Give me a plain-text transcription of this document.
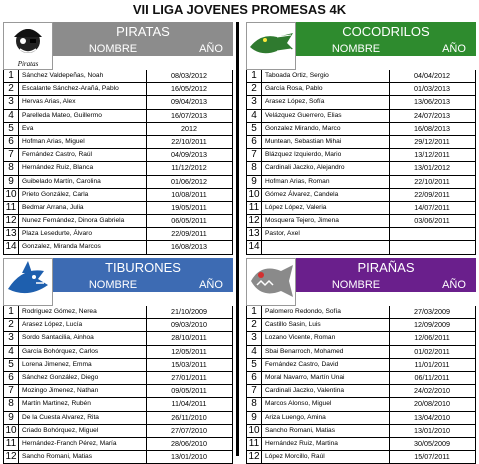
VII LIGA JOVENES PROMESAS 4K
PIRATAS
NOMBRE	AÑO
Piratas
1	Sánchez Valdepeñas, Noah	08/03/2012
2	Escalante Sánchez-Arañá, Pablo	16/05/2012
3	Hervas Arias, Alex	09/04/2013
4	Parelleda Mateo, Guillermo	16/07/2013
5	Eva	2012
6	Hofman Arias, Miguel	22/10/2011
7	Fernández Castro, Raúl	04/09/2013
8	Hernández Ruiz, Blanca	11/12/2012
9	Guibelado Martín, Carolina	01/06/2012
10 Prieto González, Carla	10/08/2011
11 Bedmar Arrana, Julia	19/05/2011
12 Nunez Fernández, Dinora Gabriela	06/05/2011
13 Plaza Lesedurte, Álvaro	22/09/2011
14 Gonzalez, Miranda Marcos	16/08/2013
COCODRILOS
NOMBRE	AÑO
1	Taboada Ortiz, Sergio	04/04/2012
2	García Rosa, Pablo	01/03/2013
3	Arasez López, Sofía	13/06/2013
4	Velázquez Guerrero, Elias	24/07/2013
5	Gonzalez Mirando, Marco	16/08/2013
6	Muntean, Sebastian Mihai	29/12/2011
7	Blázquez Izquierdo, Mario	13/12/2011
8	Cardinali Jaczko, Alejandro	13/01/2012
9	Hofman Arias, Roman	22/10/2011
10 Gómez Álvarez, Candela	22/09/2011
11 López López, Valeria	14/07/2011
12 Mosquera Tejero, Jimena	03/06/2011
13 Pastor, Axel
14
TIBURONES
NOMBRE	AÑO
1	Rodriguez Gómez, Nerea	21/10/2009
2	Arasez López, Lucía	09/03/2010
3	Sordo Santacilia, Ainhoa	28/10/2011
4	García Bohórquez, Carlos	12/05/2011
5	Lorena Jimenez, Emma	15/03/2011
6	Sánchez González, Diego	27/01/2011
7	Mozingo Jimenez, Nathan	09/05/2011
8	Martín Martinez, Rubén	11/04/2011
9	De la Cuesta Alvarez, Rita	26/11/2010
10 Criado Bohórquez, Miguel	27/07/2010
11 Hernández-Franch Pérez, María	28/06/2010
12 Sancho Romani, Matias	13/01/2010
PIRAÑAS
NOMBRE	AÑO
1	Palomero Redondo, Sofía	27/03/2009
2	Castillo Sasin, Luis	12/09/2009
3	Lozano Vicente, Roman	12/06/2011
4	Sbai Benarroch, Mohamed	01/02/2011
5	Fernández Castro, David	11/01/2011
6	Moral Navarro, Martín Unai	06/11/2011
7	Cardinali Jaczko, Valentina	24/02/2010
8	Marcos Alonso, Miguel	20/08/2010
9	Ariza Luengo, Amina	13/04/2010
10 Sancho Romani, Matias	13/01/2010
11 Hernández Ruiz, Martina	30/05/2009
12 López Morcillo, Raúl	15/07/2011
